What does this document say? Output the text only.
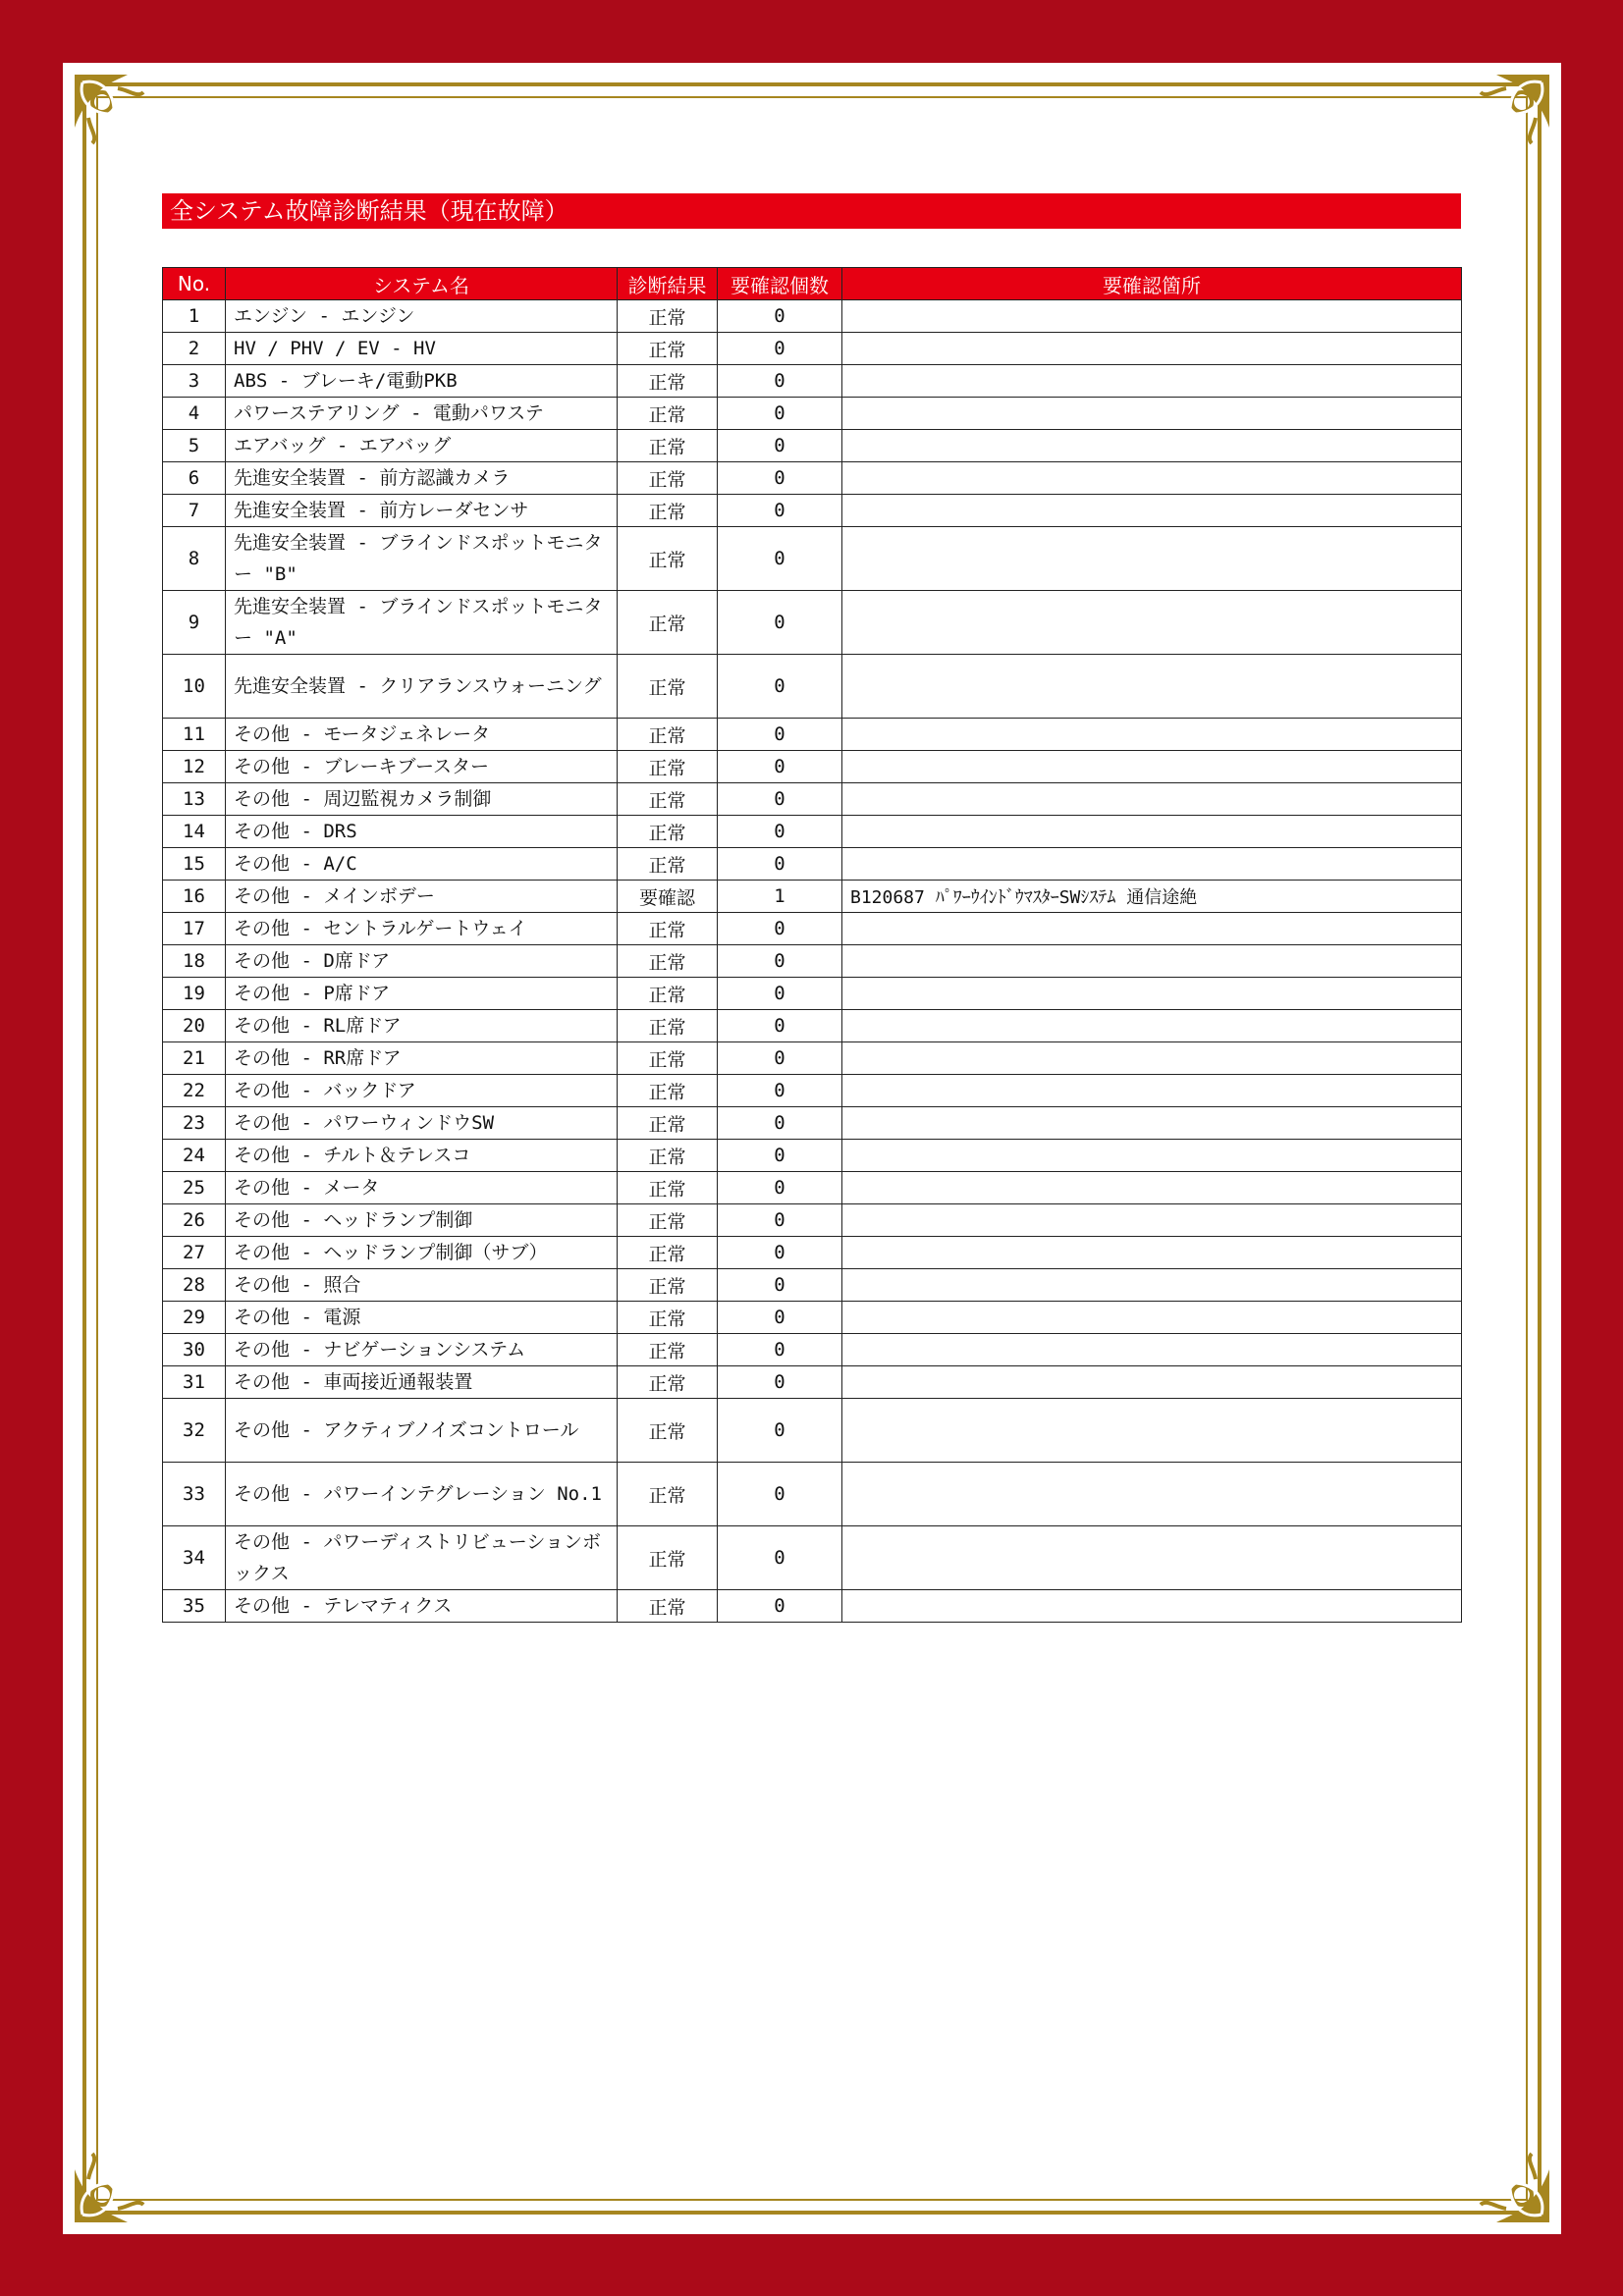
全システム故障診断結果（現在故障）
No.	システム名	診断結果	要確認個数	要確認箇所
1	エンジン - エンジン	正常	0	
2	HV / PHV / EV - HV	正常	0	
3	ABS - ブレーキ/電動PKB	正常	0	
4	パワーステアリング - 電動パワステ	正常	0	
5	エアバッグ - エアバッグ	正常	0	
6	先進安全装置 - 前方認識カメラ	正常	0	
7	先進安全装置 - 前方レーダセンサ	正常	0	
8	先進安全装置 - ブラインドスポットモニター "B"	正常	0	
9	先進安全装置 - ブラインドスポットモニター "A"	正常	0	
10	先進安全装置 - クリアランスウォーニング	正常	0	
11	その他 - モータジェネレータ	正常	0	
12	その他 - ブレーキブースター	正常	0	
13	その他 - 周辺監視カメラ制御	正常	0	
14	その他 - DRS	正常	0	
15	その他 - A/C	正常	0	
16	その他 - メインボデー	要確認	1	B120687 ﾊﾟﾜｰｳｲﾝﾄﾞｳﾏｽﾀｰSWｼｽﾃﾑ 通信途絶
17	その他 - セントラルゲートウェイ	正常	0	
18	その他 - D席ドア	正常	0	
19	その他 - P席ドア	正常	0	
20	その他 - RL席ドア	正常	0	
21	その他 - RR席ドア	正常	0	
22	その他 - バックドア	正常	0	
23	その他 - パワーウィンドウSW	正常	0	
24	その他 - チルト＆テレスコ	正常	0	
25	その他 - メータ	正常	0	
26	その他 - ヘッドランプ制御	正常	0	
27	その他 - ヘッドランプ制御（サブ）	正常	0	
28	その他 - 照合	正常	0	
29	その他 - 電源	正常	0	
30	その他 - ナビゲーションシステム	正常	0	
31	その他 - 車両接近通報装置	正常	0	
32	その他 - アクティブノイズコントロール	正常	0	
33	その他 - パワーインテグレーション No.1	正常	0	
34	その他 - パワーディストリビューションボックス	正常	0	
35	その他 - テレマティクス	正常	0	
